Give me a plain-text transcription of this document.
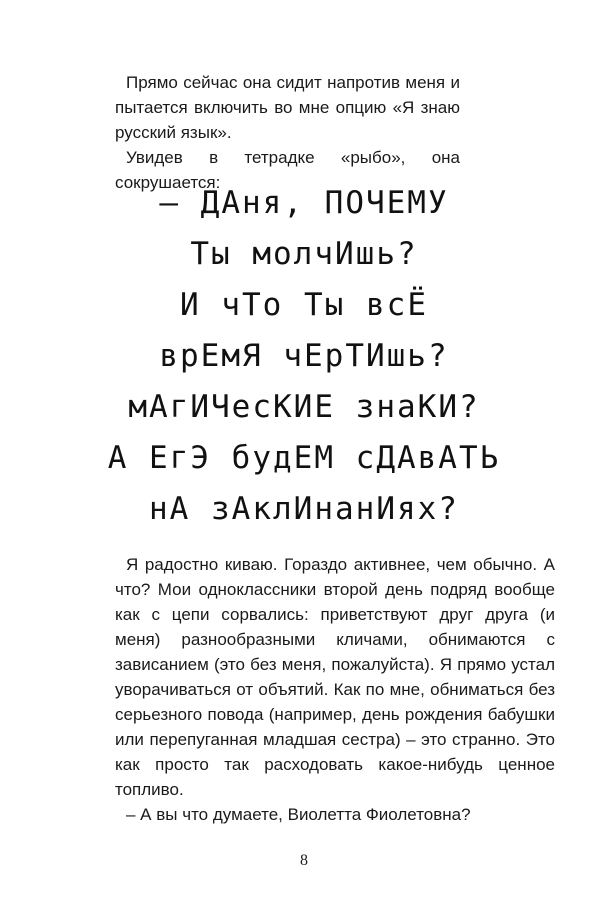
Прямо сейчас она сидит напротив меня и пытается включить во мне опцию «Я знаю русский язык».

Увидев в тетрадке «рыбо», она сокрушается:

– ДАня, ПОЧЕМУ
Ты молчИшь?
И чТо Ты всЁ
врЕмЯ чЕрТИшь?
мАгИЧесКИЕ знаКИ?
А ЕгЭ будЕМ сДАвАТЬ
нА зАклИнанИях?

Я радостно киваю. Гораздо активнее, чем обычно. А что? Мои одноклассники второй день подряд вообще как с цепи сорвались: приветствуют друг друга (и меня) разнообразными кличами, обнимаются с зависанием (это без меня, пожалуйста). Я прямо устал уворачиваться от объятий. Как по мне, обниматься без серьезного повода (например, день рождения бабушки или перепуганная младшая сестра) – это странно. Это как просто так расходовать какое-нибудь ценное топливо.

– А вы что думаете, Виолетта Фиолетовна?

8
